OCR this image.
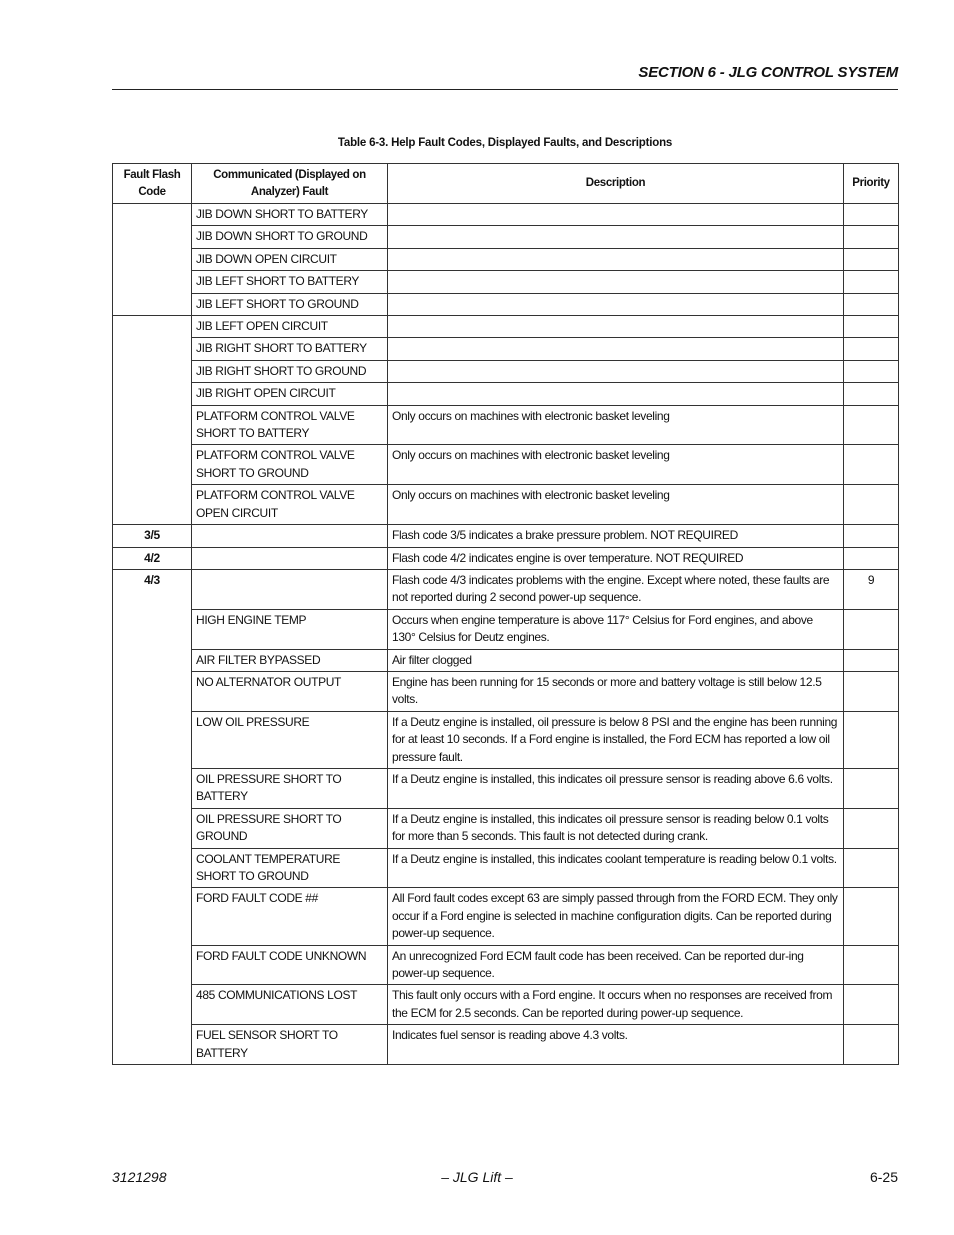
SECTION 6 - JLG CONTROL SYSTEM
Table 6-3. Help Fault Codes, Displayed Faults, and Descriptions
Fault Flash Code	Communicated (Displayed on Analyzer) Fault	Description	Priority
	JIB DOWN SHORT TO BATTERY		
	JIB DOWN SHORT TO GROUND		
	JIB DOWN OPEN CIRCUIT		
	JIB LEFT SHORT TO BATTERY		
	JIB LEFT SHORT TO GROUND		
	JIB LEFT OPEN CIRCUIT		
	JIB RIGHT SHORT TO BATTERY		
	JIB RIGHT SHORT TO GROUND		
	JIB RIGHT OPEN CIRCUIT		
	PLATFORM CONTROL VALVE SHORT TO BATTERY	Only occurs on machines with electronic basket leveling	
	PLATFORM CONTROL VALVE SHORT TO GROUND	Only occurs on machines with electronic basket leveling	
	PLATFORM CONTROL VALVE OPEN CIRCUIT	Only occurs on machines with electronic basket leveling	
3/5		Flash code 3/5 indicates a brake pressure problem. NOT REQUIRED	
4/2		Flash code 4/2 indicates engine is over temperature. NOT REQUIRED	
4/3		Flash code 4/3 indicates problems with the engine. Except where noted, these faults are not reported during 2 second power-up sequence.	9
	HIGH ENGINE TEMP	Occurs when engine temperature is above 117° Celsius for Ford engines, and above 130° Celsius for Deutz engines.	
	AIR FILTER BYPASSED	Air filter clogged	
	NO ALTERNATOR OUTPUT	Engine has been running for 15 seconds or more and battery voltage is still below 12.5 volts.	
	LOW OIL PRESSURE	If a Deutz engine is installed, oil pressure is below 8 PSI and the engine has been running for at least 10 seconds. If a Ford engine is installed, the Ford ECM has reported a low oil pressure fault.	
	OIL PRESSURE SHORT TO BATTERY	If a Deutz engine is installed, this indicates oil pressure sensor is reading above 6.6 volts.	
	OIL PRESSURE SHORT TO GROUND	If a Deutz engine is installed, this indicates oil pressure sensor is reading below 0.1 volts for more than 5 seconds. This fault is not detected during crank.	
	COOLANT TEMPERATURE SHORT TO GROUND	If a Deutz engine is installed, this indicates coolant temperature is reading below 0.1 volts.	
	FORD FAULT CODE ##	All Ford fault codes except 63 are simply passed through from the FORD ECM. They only occur if a Ford engine is selected in machine configuration digits. Can be reported during power-up sequence.	
	FORD FAULT CODE UNKNOWN	An unrecognized Ford ECM fault code has been received. Can be reported dur-ing power-up sequence.	
	485 COMMUNICATIONS LOST	This fault only occurs with a Ford engine. It occurs when no responses are received from the ECM for 2.5 seconds. Can be reported during power-up sequence.	
	FUEL SENSOR SHORT TO BATTERY	Indicates fuel sensor is reading above 4.3 volts.	
3121298	– JLG Lift –	6-25
